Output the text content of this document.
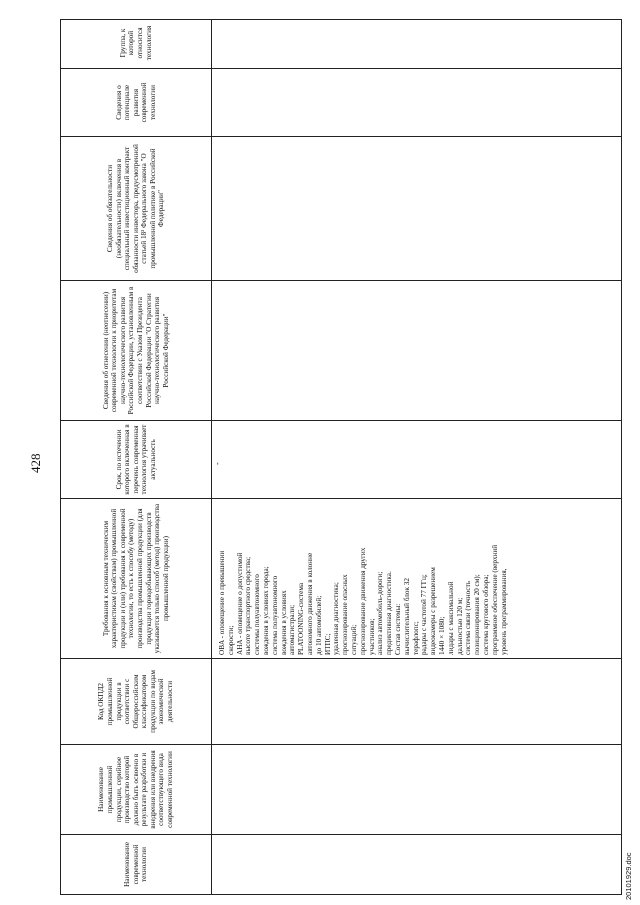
428
Наименование современной технологии
Наименование промышленной продукции, серийное производство которой должно быть освоено в результате разработки и внедрения или внедрения соответствующего вида современной технологии
Код ОКПД2 промышленной продукции в соответствии с Общероссийским классификатором продукции по видам экономической деятельности
Требования к основным техническим характеристикам (свойствам) промышленной продукции и (или) требования к современной технологии, то есть к способу (методу) производства промышленной продукции (для продукции горнодобывающих производств указывается только способ (метод) производства промышленной продукции)
Срок, по истечении которого включенная в перечень современная технология утрачивает актуальность
Сведения об отнесении (неотнесении) современной технологии к приоритетам научно-технологического развития Российской Федерации, установленным в соответствии с Указом Президента Российской Федерации "О Стратегии научно-технологического развития Российской Федерации"
Сведения об обязательности (необязательности) включения в специальный инвестиционный контракт обязанности инвестора, предусмотренной статьей 18³ Федерального закона "О промышленной политике в Российской Федерации"
Сведения о потенциале развития современной технологии
Группа, к которой относится технология
-
OBA - оповещение о превышении скорости; AHA - оповещение о допустимой высоте транспортного средства; системы полуавтономного вождения в условиях города; система полуавтономного вождения в условиях автомагистрали; PLATOONING-система автономного движения в колонне до 10 автомобилей; ИТПС; удаленная диагностика; прогнозирование опасных ситуаций; прогнозирование движения других участников; анализ автомобиль-дороги; предиктивная диагностика. Состав системы: вычислительный блок 32 терафлопс; радары с частотой 77 ГГц; видеокамеры с разрешением 1440 × 1080; лидары с максимальной дальностью 120 м; система связи (точность позиционирования 20 см); система кругового обзора; программное обеспечение (верхний уровень программирования,
20101929.doc
